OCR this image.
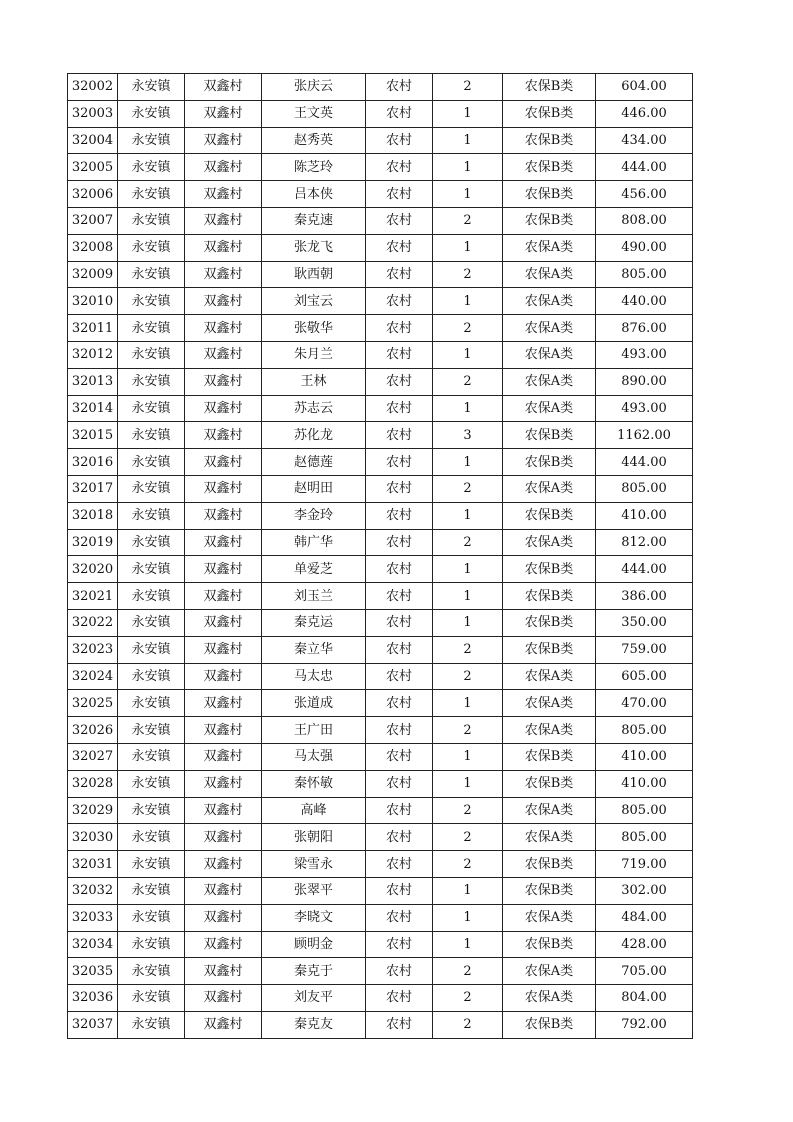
32002	永安镇	双鑫村	张庆云	农村	2	农保B类	604.00
32003	永安镇	双鑫村	王文英	农村	1	农保B类	446.00
32004	永安镇	双鑫村	赵秀英	农村	1	农保B类	434.00
32005	永安镇	双鑫村	陈芝玲	农村	1	农保B类	444.00
32006	永安镇	双鑫村	吕本侠	农村	1	农保B类	456.00
32007	永安镇	双鑫村	秦克速	农村	2	农保B类	808.00
32008	永安镇	双鑫村	张龙飞	农村	1	农保A类	490.00
32009	永安镇	双鑫村	耿西朝	农村	2	农保A类	805.00
32010	永安镇	双鑫村	刘宝云	农村	1	农保A类	440.00
32011	永安镇	双鑫村	张敬华	农村	2	农保A类	876.00
32012	永安镇	双鑫村	朱月兰	农村	1	农保A类	493.00
32013	永安镇	双鑫村	王林	农村	2	农保A类	890.00
32014	永安镇	双鑫村	苏志云	农村	1	农保A类	493.00
32015	永安镇	双鑫村	苏化龙	农村	3	农保B类	1162.00
32016	永安镇	双鑫村	赵德莲	农村	1	农保B类	444.00
32017	永安镇	双鑫村	赵明田	农村	2	农保A类	805.00
32018	永安镇	双鑫村	李金玲	农村	1	农保B类	410.00
32019	永安镇	双鑫村	韩广华	农村	2	农保A类	812.00
32020	永安镇	双鑫村	单爱芝	农村	1	农保B类	444.00
32021	永安镇	双鑫村	刘玉兰	农村	1	农保B类	386.00
32022	永安镇	双鑫村	秦克运	农村	1	农保B类	350.00
32023	永安镇	双鑫村	秦立华	农村	2	农保B类	759.00
32024	永安镇	双鑫村	马太忠	农村	2	农保A类	605.00
32025	永安镇	双鑫村	张道成	农村	1	农保A类	470.00
32026	永安镇	双鑫村	王广田	农村	2	农保A类	805.00
32027	永安镇	双鑫村	马太强	农村	1	农保B类	410.00
32028	永安镇	双鑫村	秦怀敏	农村	1	农保B类	410.00
32029	永安镇	双鑫村	高峰	农村	2	农保A类	805.00
32030	永安镇	双鑫村	张朝阳	农村	2	农保A类	805.00
32031	永安镇	双鑫村	梁雪永	农村	2	农保B类	719.00
32032	永安镇	双鑫村	张翠平	农村	1	农保B类	302.00
32033	永安镇	双鑫村	李晓文	农村	1	农保A类	484.00
32034	永安镇	双鑫村	顾明金	农村	1	农保B类	428.00
32035	永安镇	双鑫村	秦克于	农村	2	农保A类	705.00
32036	永安镇	双鑫村	刘友平	农村	2	农保A类	804.00
32037	永安镇	双鑫村	秦克友	农村	2	农保B类	792.00
